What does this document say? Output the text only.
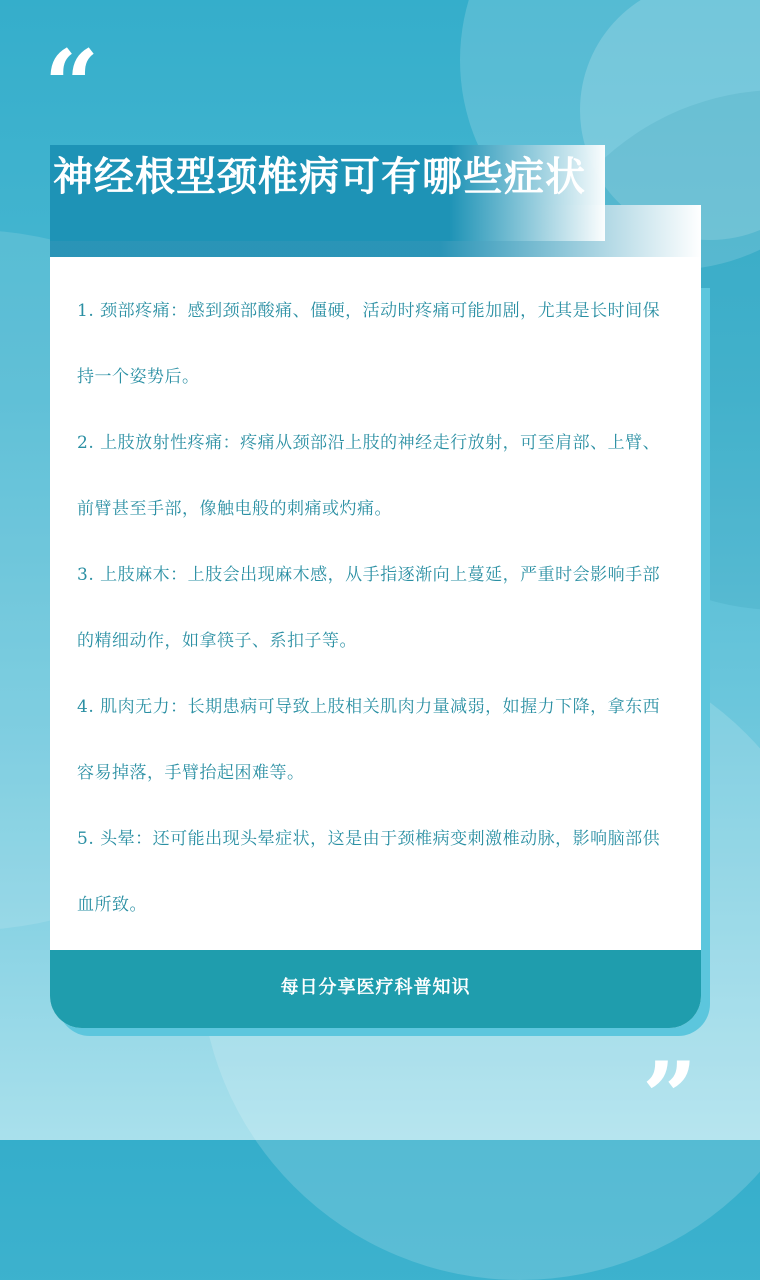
“

1. 颈部疼痛：感到颈部酸痛、僵硬，活动时疼痛可能加剧，尤其是长时间保持一个姿势后。

2. 上肢放射性疼痛：疼痛从颈部沿上肢的神经走行放射，可至肩部、上臂、前臂甚至手部，像触电般的刺痛或灼痛。

3. 上肢麻木：上肢会出现麻木感，从手指逐渐向上蔓延，严重时会影响手部的精细动作，如拿筷子、系扣子等。

4. 肌肉无力：长期患病可导致上肢相关肌肉力量减弱，如握力下降，拿东西容易掉落，手臂抬起困难等。

5. 头晕：还可能出现头晕症状，这是由于颈椎病变刺激椎动脉，影响脑部供血所致。

每日分享医疗科普知识
神经根型颈椎病可有哪些症状
”
